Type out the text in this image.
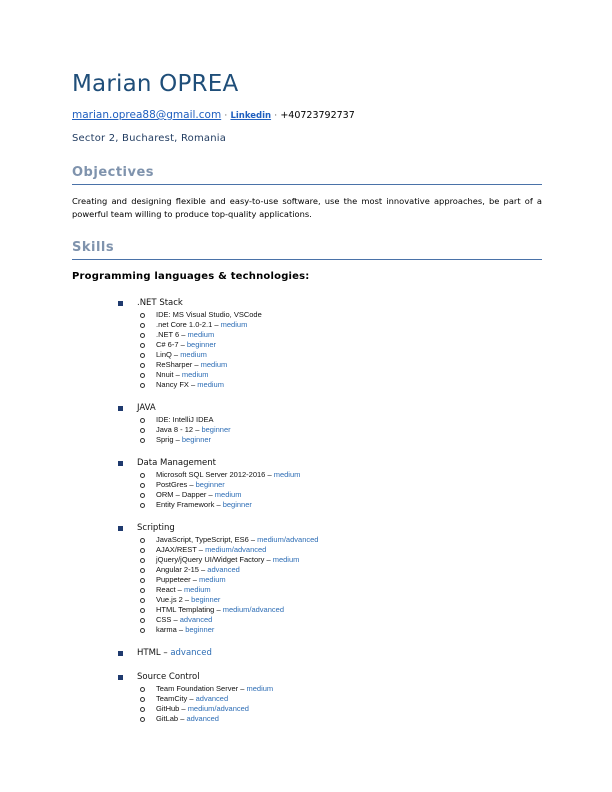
Marian OPREA
marian.oprea88@gmail.com · Linkedin · +40723792737
Sector 2, Bucharest, Romania
Objectives
Creating and designing flexible and easy-to-use software, use the most innovative approaches, be part of a powerful team willing to produce top-quality applications.
Skills
Programming languages & technologies:
.NET Stack
IDE: MS Visual Studio, VSCode
.net Core 1.0-2.1 – medium
.NET 6 – medium
C# 6-7 – beginner
LinQ – medium
ReSharper – medium
Nnuit – medium
Nancy FX – medium
JAVA
IDE: IntelliJ IDEA
Java 8 - 12 – beginner
Sprig – beginner
Data Management
Microsoft SQL Server 2012-2016 – medium
PostGres – beginner
ORM – Dapper – medium
Entity Framework – beginner
Scripting
JavaScript, TypeScript, ES6 – medium/advanced
AJAX/REST – medium/advanced
jQuery/jQuery UI/Widget Factory – medium
Angular 2-15 – advanced
Puppeteer – medium
React – medium
Vue.js 2 – beginner
HTML Templating – medium/advanced
CSS – advanced
karma – beginner
HTML – advanced
Source Control
Team Foundation Server – medium
TeamCity – advanced
GitHub – medium/advanced
GitLab – advanced
